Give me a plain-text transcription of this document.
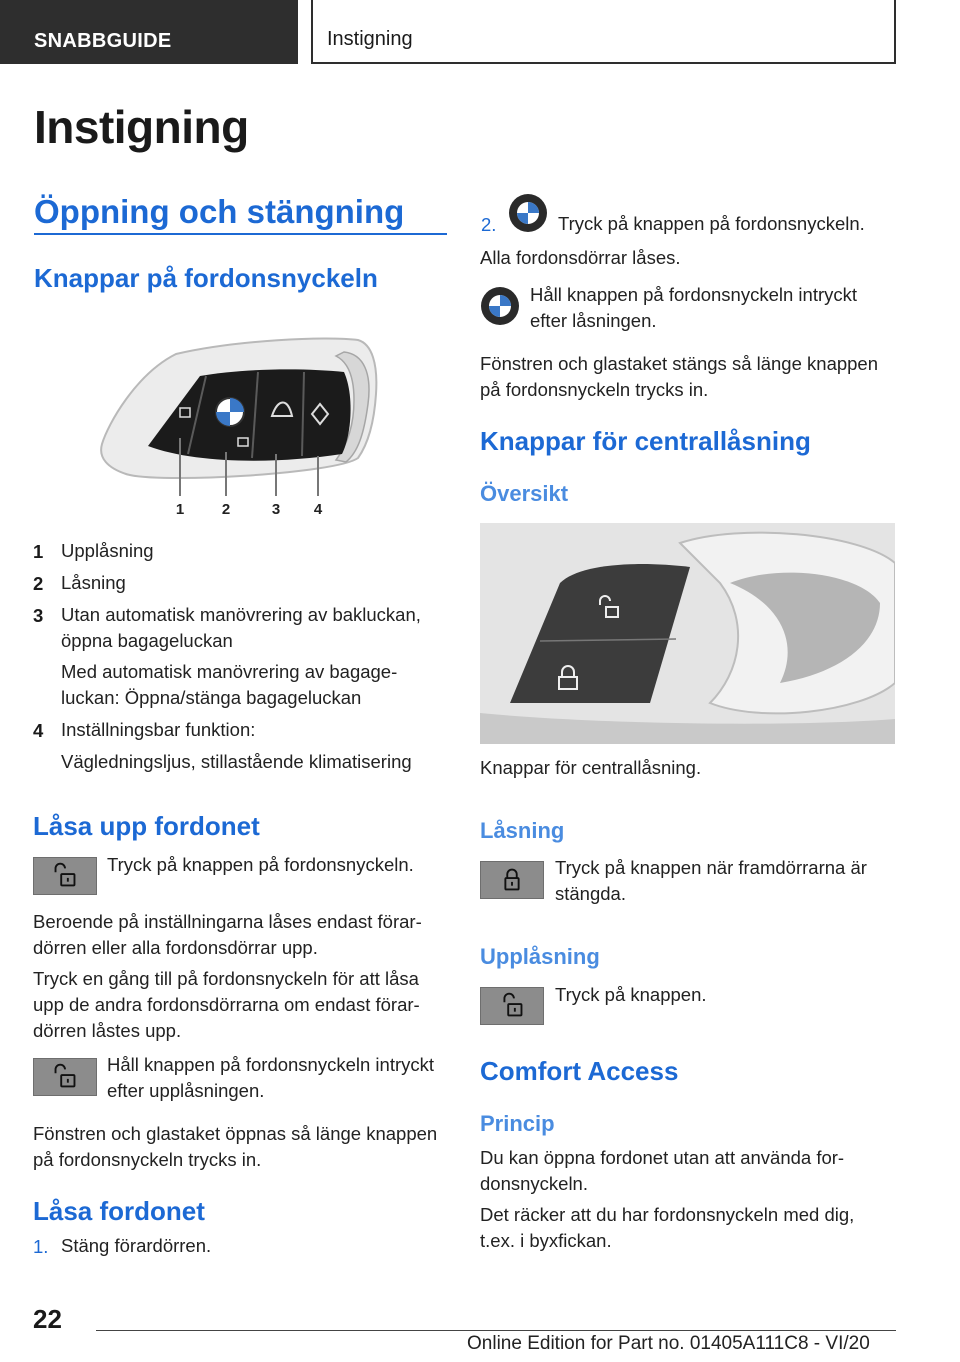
SNABBGUIDE	Instigning
Instigning
Öppning och stängning
Knappar på fordonsnyckeln
1	2	3 4
1 Upplåsning
2 Låsning
3 Utan automatisk manövrering av bakluckan,
öppna bagageluckan
Med automatisk manövrering av bagage-
luckan: Öppna/stänga bagageluckan
4 Inställningsbar funktion:
Vägledningsljus, stillastående klimatisering
Låsa upp fordonet
Tryck på knappen på fordonsnyckeln.
Beroende på inställningarna låses endast förar-
dörren eller alla fordonsdörrar upp.
Tryck en gång till på fordonsnyckeln för att låsa
upp de andra fordonsdörrarna om endast förar-
dörren låstes upp.
Håll knappen på fordonsnyckeln intryckt
efter upplåsningen.
Fönstren och glastaket öppnas så länge knappen
på fordonsnyckeln trycks in.
Låsa fordonet
1. Stäng förardörren.
2.	Tryck på knappen på fordonsnyckeln.
Alla fordonsdörrar låses.
Håll knappen på fordonsnyckeln intryckt
efter låsningen.
Fönstren och glastaket stängs så länge knappen
på fordonsnyckeln trycks in.
Knappar för centrallåsning
Översikt
Knappar för centrallåsning.
Låsning
Tryck på knappen när framdörrarna är
stängda.
Upplåsning
Tryck på knappen.
Comfort Access
Princip
Du kan öppna fordonet utan att använda for-
donsnyckeln.
Det räcker att du har fordonsnyckeln med dig,
t.ex. i byxfickan.
22
Online Edition for Part no. 01405A111C8 - VI/20
